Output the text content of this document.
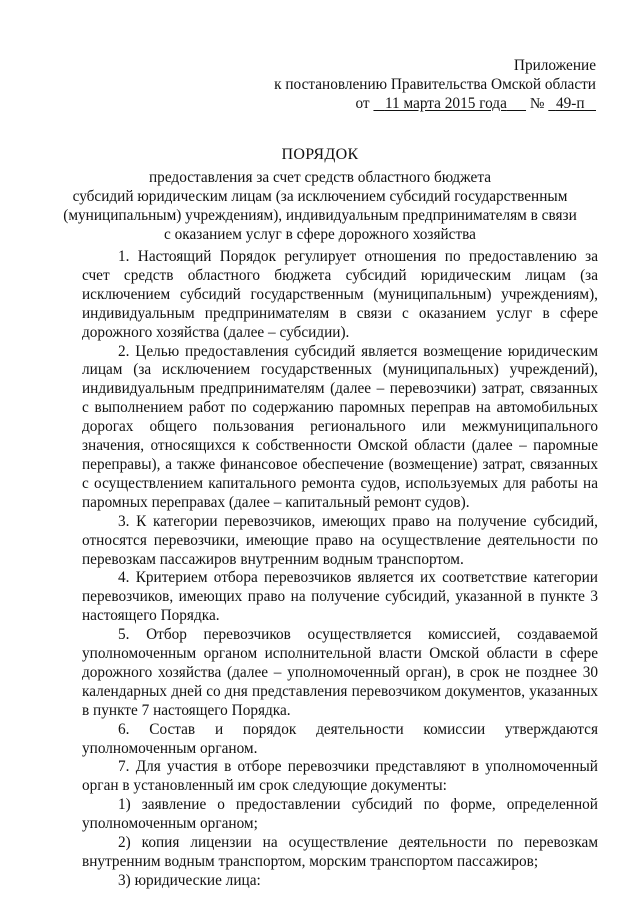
Приложение
к постановлению Правительства Омской области
от 11 марта 2015 года № 49-п
ПОРЯДОК
предоставления за счет средств областного бюджета
субсидий юридическим лицам (за исключением субсидий государственным
(муниципальным) учреждениям), индивидуальным предпринимателям в связи
с оказанием услуг в сфере дорожного хозяйства

1. Настоящий Порядок регулирует отношения по предоставлению за счет средств областного бюджета субсидий юридическим лицам (за исключением субсидий государственным (муниципальным) учреждениям), индивидуальным предпринимателям в связи с оказанием услуг в сфере дорожного хозяйства (далее – субсидии).

2. Целью предоставления субсидий является возмещение юридическим лицам (за исключением государственных (муниципальных) учреждений), индивидуальным предпринимателям (далее – перевозчики) затрат, связанных с выполнением работ по содержанию паромных переправ на автомобильных дорогах общего пользования регионального или межмуниципального значения, относящихся к собственности Омской области (далее – паромные переправы), а также финансовое обеспечение (возмещение) затрат, связанных с осуществлением капитального ремонта судов, используемых для работы на паромных переправах (далее – капитальный ремонт судов).

3. К категории перевозчиков, имеющих право на получение субсидий, относятся перевозчики, имеющие право на осуществление деятельности по перевозкам пассажиров внутренним водным транспортом.

4. Критерием отбора перевозчиков является их соответствие категории перевозчиков, имеющих право на получение субсидий, указанной в пункте 3 настоящего Порядка.

5. Отбор перевозчиков осуществляется комиссией, создаваемой уполномоченным органом исполнительной власти Омской области в сфере дорожного хозяйства (далее – уполномоченный орган), в срок не позднее 30 календарных дней со дня представления перевозчиком документов, указанных в пункте 7 настоящего Порядка.

6. Состав и порядок деятельности комиссии утверждаются уполномоченным органом.

7. Для участия в отборе перевозчики представляют в уполномоченный орган в установленный им срок следующие документы:

1) заявление о предоставлении субсидий по форме, определенной уполномоченным органом;

2) копия лицензии на осуществление деятельности по перевозкам внутренним водным транспортом, морским транспортом пассажиров;

3) юридические лица:
